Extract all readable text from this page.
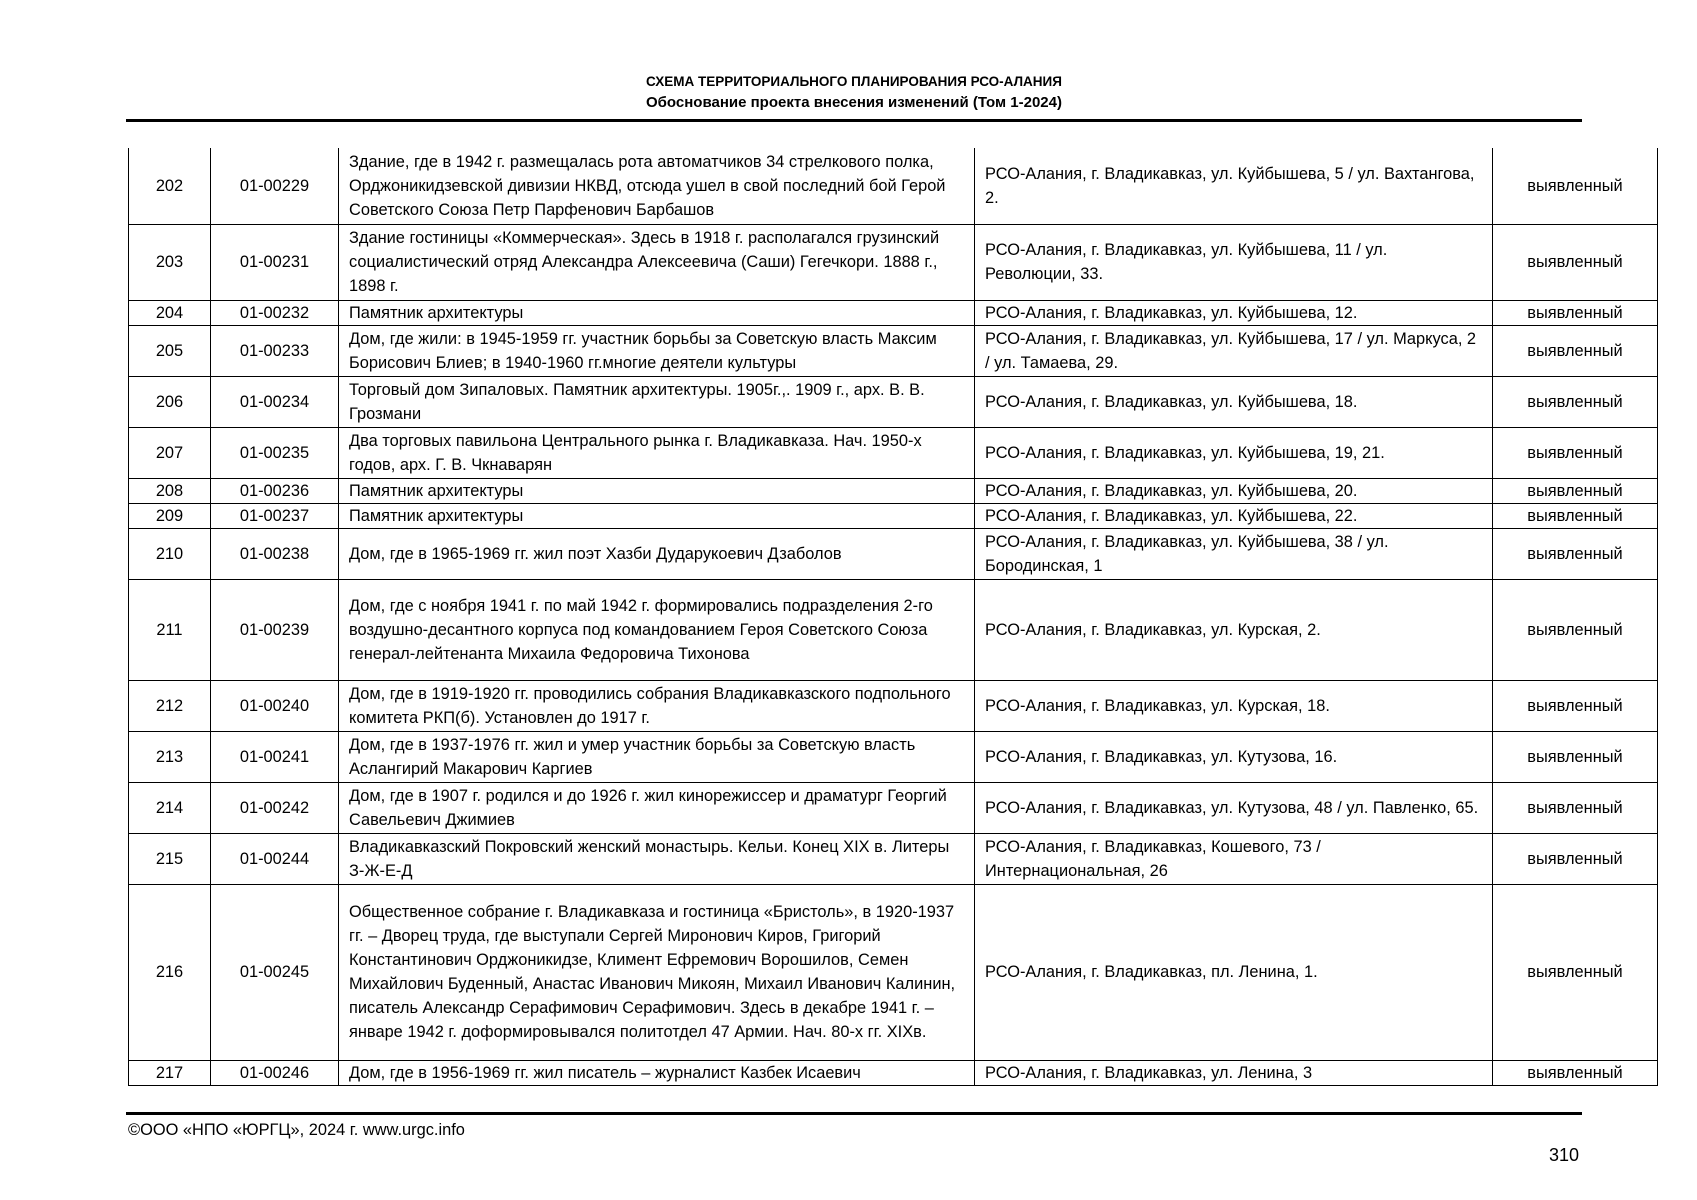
СХЕМА ТЕРРИТОРИАЛЬНОГО ПЛАНИРОВАНИЯ РСО-АЛАНИЯ
Обоснование проекта внесения изменений (Том 1-2024)
202	01-00229	Здание, где в 1942 г. размещалась рота автоматчиков 34 стрелкового полка, Орджоникидзевской дивизии НКВД, отсюда ушел в свой последний бой Герой Советского Союза Петр Парфенович Барбашов	РСО-Алания, г. Владикавказ, ул. Куйбышева, 5 / ул. Вахтангова, 2.	выявленный
203	01-00231	Здание гостиницы «Коммерческая». Здесь в 1918 г. располагался грузинский социалистический отряд Александра Алексеевича (Саши) Гегечкори. 1888 г., 1898 г.	РСО-Алания, г. Владикавказ, ул. Куйбышева, 11 / ул. Революции, 33.	выявленный
204	01-00232	Памятник архитектуры	РСО-Алания, г. Владикавказ, ул. Куйбышева, 12.	выявленный
205	01-00233	Дом, где жили: в 1945-1959 гг. участник борьбы за Советскую власть Максим Борисович Блиев; в 1940-1960 гг.многие деятели культуры	РСО-Алания, г. Владикавказ, ул. Куйбышева, 17 / ул. Маркуса, 2 / ул. Тамаева, 29.	выявленный
206	01-00234	Торговый дом Зипаловых. Памятник архитектуры. 1905г.,. 1909 г., арх. В. В. Грозмани	РСО-Алания, г. Владикавказ, ул. Куйбышева, 18.	выявленный
207	01-00235	Два торговых павильона Центрального рынка г. Владикавказа. Нач. 1950-х годов, арх. Г. В. Чкнаварян	РСО-Алания, г. Владикавказ, ул. Куйбышева, 19, 21.	выявленный
208	01-00236	Памятник архитектуры	РСО-Алания, г. Владикавказ, ул. Куйбышева, 20.	выявленный
209	01-00237	Памятник архитектуры	РСО-Алания, г. Владикавказ, ул. Куйбышева, 22.	выявленный
210	01-00238	Дом, где в 1965-1969 гг. жил поэт Хазби Дударукоевич Дзаболов	РСО-Алания, г. Владикавказ, ул. Куйбышева, 38 / ул. Бородинская, 1	выявленный
211	01-00239	Дом, где с ноября 1941 г. по май 1942 г. формировались подразделения 2-го воздушно-десантного корпуса под командованием Героя Советского Союза генерал-лейтенанта Михаила Федоровича Тихонова	РСО-Алания, г. Владикавказ, ул. Курская, 2.	выявленный
212	01-00240	Дом, где в 1919-1920 гг. проводились собрания Владикавказского подпольного комитета РКП(б). Установлен до 1917 г.	РСО-Алания, г. Владикавказ, ул. Курская, 18.	выявленный
213	01-00241	Дом, где в 1937-1976 гг. жил и умер участник борьбы за Советскую власть Аслангирий Макарович Каргиев	РСО-Алания, г. Владикавказ, ул. Кутузова, 16.	выявленный
214	01-00242	Дом, где в 1907 г. родился и до 1926 г. жил кинорежиссер и драматург Георгий Савельевич Джимиев	РСО-Алания, г. Владикавказ, ул. Кутузова, 48 / ул. Павленко, 65.	выявленный
215	01-00244	Владикавказский Покровский женский монастырь. Кельи. Конец XIX в. Литеры З-Ж-Е-Д	РСО-Алания, г. Владикавказ, Кошевого, 73 / Интернациональная, 26	выявленный
216	01-00245	Общественное собрание г. Владикавказа и гостиница «Бристоль», в 1920-1937 гг. – Дворец труда, где выступали Сергей Миронович Киров, Григорий Константинович Орджоникидзе, Климент Ефремович Ворошилов, Семен Михайлович Буденный, Анастас Иванович Микоян, Михаил Иванович Калинин, писатель Александр Серафимович Серафимович. Здесь в декабре 1941 г. – январе 1942 г. доформировывался политотдел 47 Армии. Нач. 80-х гг. XIXв.	РСО-Алания, г. Владикавказ, пл. Ленина, 1.	выявленный
217	01-00246	Дом, где в 1956-1969 гг. жил писатель – журналист Казбек Исаевич	РСО-Алания, г. Владикавказ, ул. Ленина, 3	выявленный
©ООО «НПО «ЮРГЦ», 2024 г. www.urgc.info
310
